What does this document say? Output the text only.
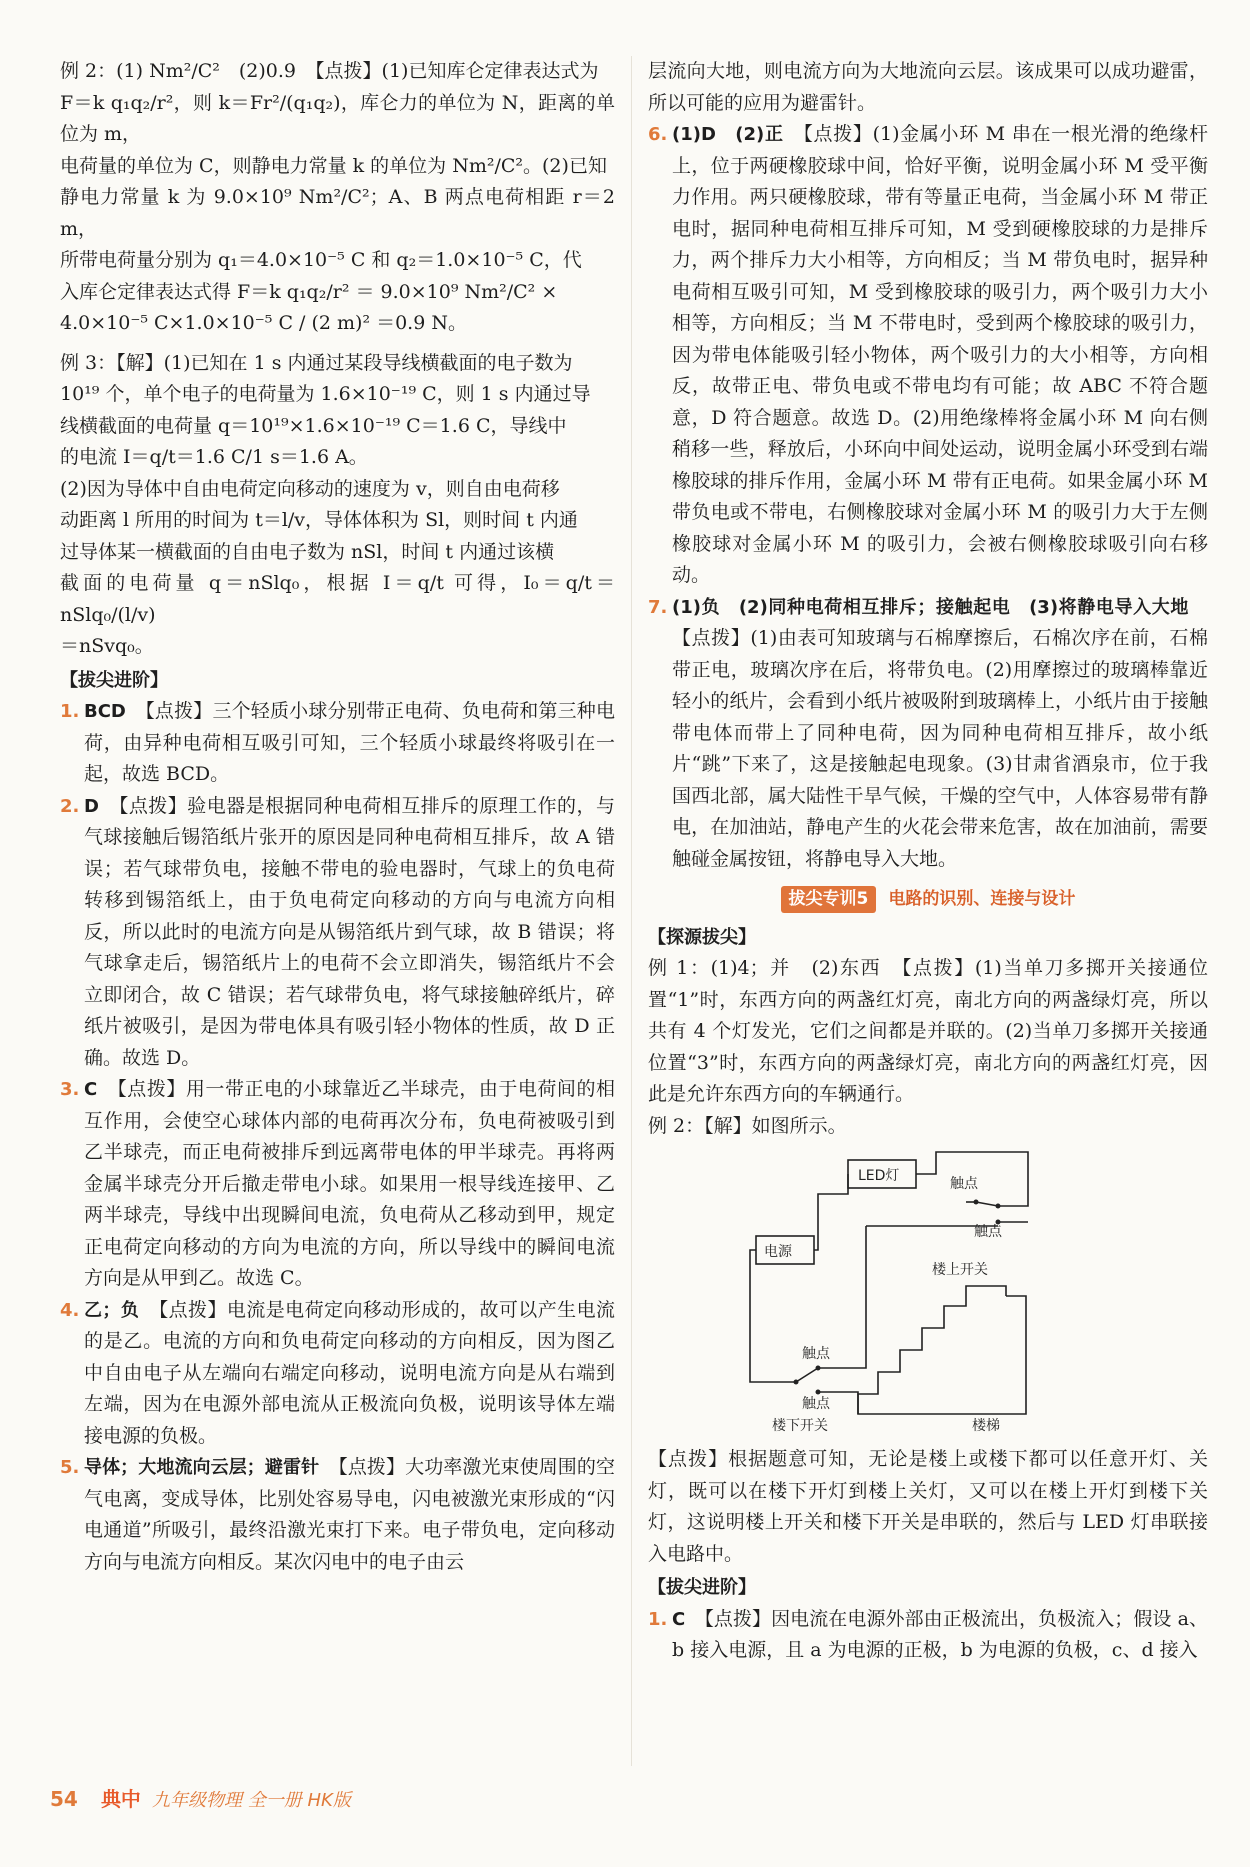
例 2：(1) Nm²/C²　(2)0.9　【点拨】(1)已知库仑定律表达式为

F＝k q₁q₂/r²，则 k＝Fr²/(q₁q₂)，库仑力的单位为 N，距离的单位为 m，

电荷量的单位为 C，则静电力常量 k 的单位为 Nm²/C²。(2)已知

静电力常量 k 为 9.0×10⁹ Nm²/C²；A、B 两点电荷相距 r＝2 m，

所带电荷量分别为 q₁＝4.0×10⁻⁵ C 和 q₂＝1.0×10⁻⁵ C，代

入库仑定律表达式得 F＝k q₁q₂/r² ＝ 9.0×10⁹ Nm²/C² ×

4.0×10⁻⁵ C×1.0×10⁻⁵ C / (2 m)² ＝0.9 N。

例 3：【解】(1)已知在 1 s 内通过某段导线横截面的电子数为

10¹⁹ 个，单个电子的电荷量为 1.6×10⁻¹⁹ C，则 1 s 内通过导

线横截面的电荷量 q＝10¹⁹×1.6×10⁻¹⁹ C＝1.6 C，导线中

的电流 I＝q/t＝1.6 C/1 s＝1.6 A。

(2)因为导体中自由电荷定向移动的速度为 v，则自由电荷移

动距离 l 所用的时间为 t＝l/v，导体体积为 Sl，则时间 t 内通

过导体某一横截面的自由电子数为 nSl，时间 t 内通过该横

截面的电荷量 q＝nSlq₀，根据 I＝q/t 可得，I₀＝q/t＝nSlq₀/(l/v)

＝nSvq₀。

【拔尖进阶】

1. BCD　【点拨】三个轻质小球分别带正电荷、负电荷和第三种电荷，由异种电荷相互吸引可知，三个轻质小球最终将吸引在一起，故选 BCD。

2. D　【点拨】验电器是根据同种电荷相互排斥的原理工作的，与气球接触后锡箔纸片张开的原因是同种电荷相互排斥，故 A 错误；若气球带负电，接触不带电的验电器时，气球上的负电荷转移到锡箔纸上，由于负电荷定向移动的方向与电流方向相反，所以此时的电流方向是从锡箔纸片到气球，故 B 错误；将气球拿走后，锡箔纸片上的电荷不会立即消失，锡箔纸片不会立即闭合，故 C 错误；若气球带负电，将气球接触碎纸片，碎纸片被吸引，是因为带电体具有吸引轻小物体的性质，故 D 正确。故选 D。

3. C　【点拨】用一带正电的小球靠近乙半球壳，由于电荷间的相互作用，会使空心球体内部的电荷再次分布，负电荷被吸引到乙半球壳，而正电荷被排斥到远离带电体的甲半球壳。再将两金属半球壳分开后撤走带电小球。如果用一根导线连接甲、乙两半球壳，导线中出现瞬间电流，负电荷从乙移动到甲，规定正电荷定向移动的方向为电流的方向，所以导线中的瞬间电流方向是从甲到乙。故选 C。

4. 乙；负　【点拨】电流是电荷定向移动形成的，故可以产生电流的是乙。电流的方向和负电荷定向移动的方向相反，因为图乙中自由电子从左端向右端定向移动，说明电流方向是从右端到左端，因为在电源外部电流从正极流向负极，说明该导体左端接电源的负极。

5. 导体；大地流向云层；避雷针　【点拨】大功率激光束使周围的空气电离，变成导体，比别处容易导电，闪电被激光束形成的“闪电通道”所吸引，最终沿激光束打下来。电子带负电，定向移动方向与电流方向相反。某次闪电中的电子由云

层流向大地，则电流方向为大地流向云层。该成果可以成功避雷，所以可能的应用为避雷针。

6. (1)D　(2)正　【点拨】(1)金属小环 M 串在一根光滑的绝缘杆上，位于两硬橡胶球中间，恰好平衡，说明金属小环 M 受平衡力作用。两只硬橡胶球，带有等量正电荷，当金属小环 M 带正电时，据同种电荷相互排斥可知，M 受到硬橡胶球的力是排斥力，两个排斥力大小相等，方向相反；当 M 带负电时，据异种电荷相互吸引可知，M 受到橡胶球的吸引力，两个吸引力大小相等，方向相反；当 M 不带电时，受到两个橡胶球的吸引力，因为带电体能吸引轻小物体，两个吸引力的大小相等，方向相反，故带正电、带负电或不带电均有可能；故 ABC 不符合题意，D 符合题意。故选 D。(2)用绝缘棒将金属小环 M 向右侧稍移一些，释放后，小环向中间处运动，说明金属小环受到右端橡胶球的排斥作用，金属小环 M 带有正电荷。如果金属小环 M 带负电或不带电，右侧橡胶球对金属小环 M 的吸引力大于左侧橡胶球对金属小环 M 的吸引力，会被右侧橡胶球吸引向右移动。

7. (1)负　(2)同种电荷相互排斥；接触起电　(3)将静电导入大地　【点拨】(1)由表可知玻璃与石棉摩擦后，石棉次序在前，石棉带正电，玻璃次序在后，将带负电。(2)用摩擦过的玻璃棒靠近轻小的纸片，会看到小纸片被吸附到玻璃棒上，小纸片由于接触带电体而带上了同种电荷，因为同种电荷相互排斥，故小纸片“跳”下来了，这是接触起电现象。(3)甘肃省酒泉市，位于我国西北部，属大陆性干旱气候，干燥的空气中，人体容易带有静电，在加油站，静电产生的火花会带来危害，故在加油前，需要触碰金属按钮，将静电导入大地。

拔尖专训5 电路的识别、连接与设计

【探源拔尖】

例 1：(1)4；并　(2)东西　【点拨】(1)当单刀多掷开关接通位置“1”时，东西方向的两盏红灯亮，南北方向的两盏绿灯亮，所以共有 4 个灯发光，它们之间都是并联的。(2)当单刀多掷开关接通位置“3”时，东西方向的两盏绿灯亮，南北方向的两盏红灯亮，因此是允许东西方向的车辆通行。

例 2：【解】如图所示。

LED灯
电源
触点
触点
楼上开关
触点
触点
楼下开关	楼梯

【点拨】根据题意可知，无论是楼上或楼下都可以任意开灯、关灯，既可以在楼下开灯到楼上关灯，又可以在楼上开灯到楼下关灯，这说明楼上开关和楼下开关是串联的，然后与 LED 灯串联接入电路中。

【拔尖进阶】

1. C　【点拨】因电流在电源外部由正极流出，负极流入；假设 a、b 接入电源，且 a 为电源的正极，b 为电源的负极，c、d 接入

54 典中 九年级物理 全一册 HK版
